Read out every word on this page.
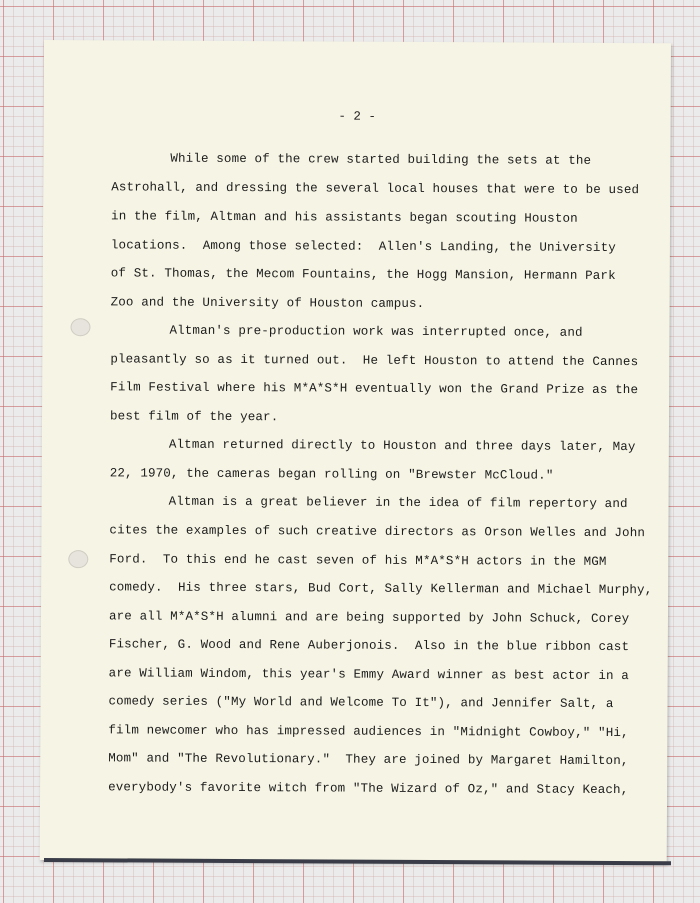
- 2 -
While some of the crew started building the sets at the
Astrohall, and dressing the several local houses that were to be used
in the film, Altman and his assistants began scouting Houston
locations.  Among those selected:  Allen's Landing, the University
of St. Thomas, the Mecom Fountains, the Hogg Mansion, Hermann Park
Zoo and the University of Houston campus.
Altman's pre-production work was interrupted once, and
pleasantly so as it turned out.  He left Houston to attend the Cannes
Film Festival where his M*A*S*H eventually won the Grand Prize as the
best film of the year.
Altman returned directly to Houston and three days later, May
22, 1970, the cameras began rolling on "Brewster McCloud."
Altman is a great believer in the idea of film repertory and
cites the examples of such creative directors as Orson Welles and John
Ford.  To this end he cast seven of his M*A*S*H actors in the MGM
comedy.  His three stars, Bud Cort, Sally Kellerman and Michael Murphy,
are all M*A*S*H alumni and are being supported by John Schuck, Corey
Fischer, G. Wood and Rene Auberjonois.  Also in the blue ribbon cast
are William Windom, this year's Emmy Award winner as best actor in a
comedy series ("My World and Welcome To It"), and Jennifer Salt, a
film newcomer who has impressed audiences in "Midnight Cowboy," "Hi,
Mom" and "The Revolutionary."  They are joined by Margaret Hamilton,
everybody's favorite witch from "The Wizard of Oz," and Stacy Keach,
